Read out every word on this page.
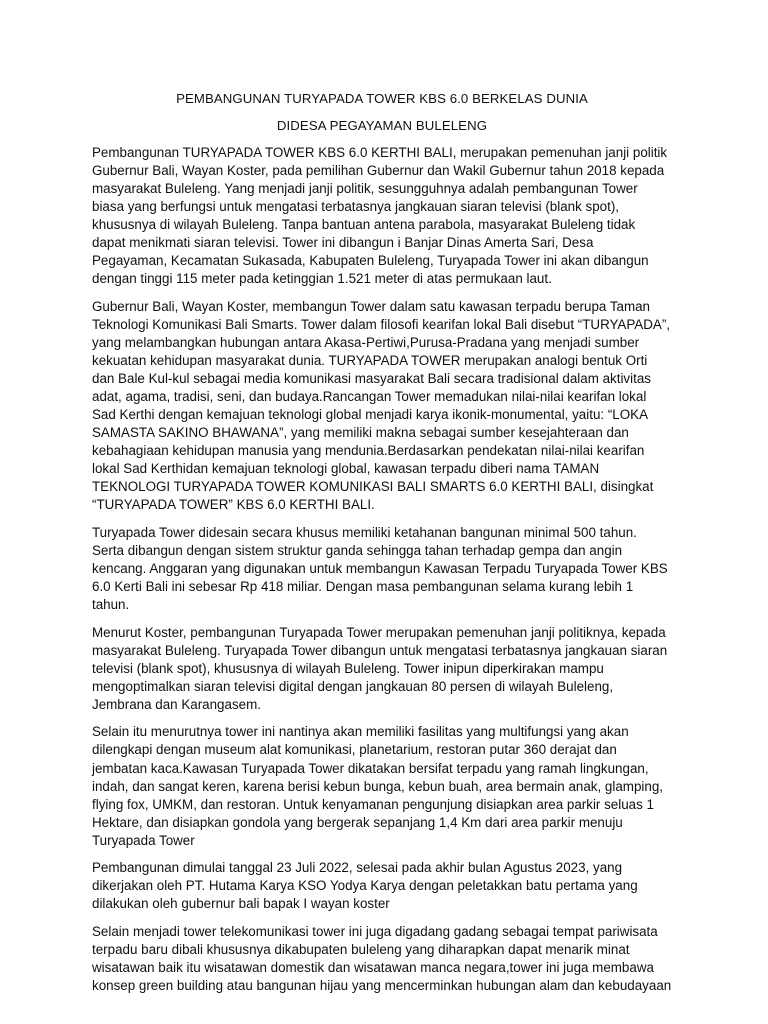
PEMBANGUNAN TURYAPADA TOWER KBS 6.0 BERKELAS DUNIA

DIDESA PEGAYAMAN BULELENG

Pembangunan TURYAPADA TOWER KBS 6.0 KERTHI BALI, merupakan pemenuhan janji politik Gubernur Bali, Wayan Koster, pada pemilihan Gubernur dan Wakil Gubernur tahun 2018 kepada masyarakat Buleleng. Yang menjadi janji politik, sesungguhnya adalah pembangunan Tower biasa yang berfungsi untuk mengatasi terbatasnya jangkauan siaran televisi (blank spot), khususnya di wilayah Buleleng. Tanpa bantuan antena parabola, masyarakat Buleleng tidak dapat menikmati siaran televisi. Tower ini dibangun i Banjar Dinas Amerta Sari, Desa Pegayaman, Kecamatan Sukasada, Kabupaten Buleleng, Turyapada Tower ini akan dibangun dengan tinggi 115 meter pada ketinggian 1.521 meter di atas permukaan laut.

Gubernur Bali, Wayan Koster, membangun Tower dalam satu kawasan terpadu berupa Taman Teknologi Komunikasi Bali Smarts. Tower dalam filosofi kearifan lokal Bali disebut “TURYAPADA”, yang melambangkan hubungan antara Akasa-Pertiwi,Purusa-Pradana yang menjadi sumber kekuatan kehidupan masyarakat dunia. TURYAPADA TOWER merupakan analogi bentuk Orti dan Bale Kul-kul sebagai media komunikasi masyarakat Bali secara tradisional dalam aktivitas adat, agama, tradisi, seni, dan budaya.Rancangan Tower memadukan nilai-nilai kearifan lokal Sad Kerthi dengan kemajuan teknologi global menjadi karya ikonik-monumental, yaitu: “LOKA SAMASTA SAKINO BHAWANA”, yang memiliki makna sebagai sumber kesejahteraan dan kebahagiaan kehidupan manusia yang mendunia.Berdasarkan pendekatan nilai-nilai kearifan lokal Sad Kerthidan kemajuan teknologi global, kawasan terpadu diberi nama TAMAN TEKNOLOGI TURYAPADA TOWER KOMUNIKASI BALI SMARTS 6.0 KERTHI BALI, disingkat “TURYAPADA TOWER” KBS 6.0 KERTHI BALI.

Turyapada Tower didesain secara khusus memiliki ketahanan bangunan minimal 500 tahun. Serta dibangun dengan sistem struktur ganda sehingga tahan terhadap gempa dan angin kencang. Anggaran yang digunakan untuk membangun Kawasan Terpadu Turyapada Tower KBS 6.0 Kerti Bali ini sebesar Rp 418 miliar. Dengan masa pembangunan selama kurang lebih 1 tahun.

Menurut Koster, pembangunan Turyapada Tower merupakan pemenuhan janji politiknya, kepada masyarakat Buleleng. Turyapada Tower dibangun untuk mengatasi terbatasnya jangkauan siaran televisi (blank spot), khususnya di wilayah Buleleng. Tower inipun diperkirakan mampu mengoptimalkan siaran televisi digital dengan jangkauan 80 persen di wilayah Buleleng, Jembrana dan Karangasem.

Selain itu menurutnya tower ini nantinya akan memiliki fasilitas yang multifungsi yang akan dilengkapi dengan museum alat komunikasi, planetarium, restoran putar 360 derajat dan jembatan kaca.Kawasan Turyapada Tower dikatakan bersifat terpadu yang ramah lingkungan, indah, dan sangat keren, karena berisi kebun bunga, kebun buah, area bermain anak, glamping, flying fox, UMKM, dan restoran. Untuk kenyamanan pengunjung disiapkan area parkir seluas 1 Hektare, dan disiapkan gondola yang bergerak sepanjang 1,4 Km dari area parkir menuju Turyapada Tower

Pembangunan dimulai tanggal 23 Juli 2022, selesai pada akhir bulan Agustus 2023, yang dikerjakan oleh PT. Hutama Karya KSO Yodya Karya dengan peletakkan batu pertama yang dilakukan oleh gubernur bali bapak I wayan koster

Selain menjadi tower telekomunikasi tower ini juga digadang gadang sebagai tempat pariwisata terpadu baru dibali khususnya dikabupaten buleleng yang diharapkan dapat menarik minat wisatawan baik itu wisatawan domestik dan wisatawan manca negara,tower ini juga membawa konsep green building atau bangunan hijau yang mencerminkan hubungan alam dan kebudayaan
